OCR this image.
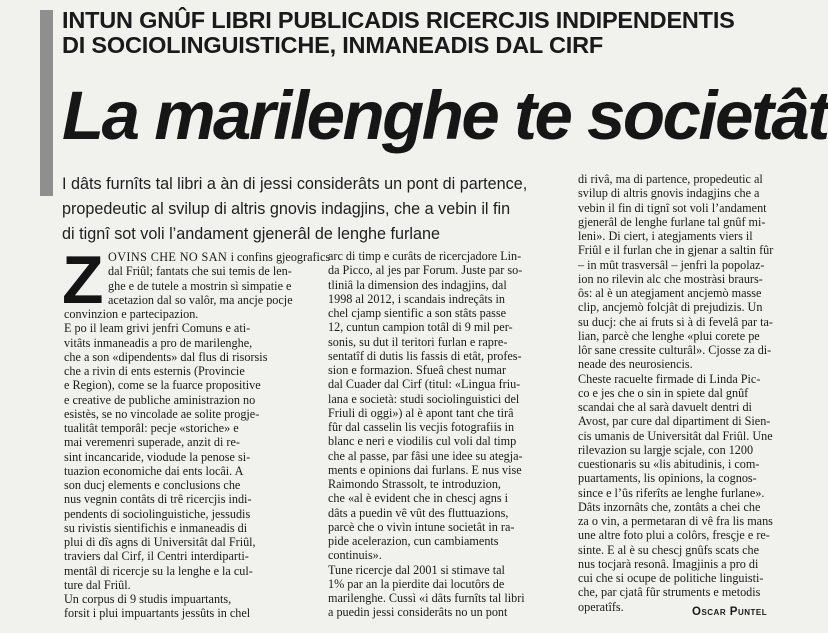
INTUN GNÛF LIBRI PUBLICADIS RICERCJIS INDIPENDENTIS
DI SOCIOLINGUISTICHE, INMANEADIS DAL CIRF
La marilenghe te societât
I dâts furnîts tal libri a àn di jessi considerâts un pont di partence,
propedeutic al svilup di altris gnovis indagjins, che a vebin il fin
di tignî sot voli l’andament gjenerâl de lenghe furlane
Z OVINS CHE NO SAN i confins gjeografics
dal Friûl; fantats che sui temis de len-
ghe e de tutele a mostrin sì simpatie e
acetazion dal so valôr, ma ancje pocje
convinzion e partecipazion.
E po il leam grivi jenfri Comuns e ati-
vitâts inmaneadis a pro de marilenghe,
che a son «dipendents» dal flus di risorsis
che a rivin di ents esternis (Provincie
e Region), come se la fuarce propositive
e creative de publiche aministrazion no
esistès, se no vincolade ae solite progje-
tualitât temporâl: pecje «storiche» e
mai veremenri superade, anzit di re-
sint incancaride, viodude la penose si-
tuazion economiche dai ents locâi. A
son ducj elements e conclusions che
nus vegnin contâts di trê ricercjis indi-
pendents di sociolinguistiche, jessudis
su rivistis sientifichis e inmaneadis di
plui di dîs agns di Universitât dal Friûl,
traviers dal Cirf, il Centri interdiparti-
mentâl di ricercje su la lenghe e la cul-
ture dal Friûl.
Un corpus di 9 studis impuartants,
forsit i plui impuartants jessûts in chel
arc di timp e curâts de ricercjadore Lin-
da Picco, al jes par Forum. Juste par so-
tliniâ la dimension des indagjins, dal
1998 al 2012, i scandais indreçâts in
chel cjamp sientific a son stâts passe
12, cuntun campion totâl di 9 mil per-
sonis, su dut il teritori furlan e rapre-
sentatîf di dutis lis fassis di etât, profes-
sion e formazion. Sfueâ chest numar
dal Cuader dal Cirf (titul: «Lingua friu-
lana e società: studi sociolinguistici del
Friuli di oggi») al è apont tant che tirâ
fûr dal casselin lis vecjis fotografiis in
blanc e neri e viodilis cul voli dal timp
che al passe, par fâsi une idee su ategja-
ments e opinions dai furlans. E nus vise
Raimondo Strassolt, te introduzion,
che «al è evident che in chescj agns i
dâts a puedin vê vût des fluttuazions,
parcè che o vivìn intune societât in ra-
pide acelerazion, cun cambiaments
continuis».
Tune ricercje dal 2001 si stimave tal
1% par an la pierdite dai locutôrs de
marilenghe. Cussì «i dâts furnîts tal libri
a puedin jessi considerâts no un pont
di rivâ, ma di partence, propedeutic al
svilup di altris gnovis indagjins che a
vebin il fin di tignî sot voli l’andament
gjenerâl de lenghe furlane tal gnûf mi-
leni». Di ciert, i ategjaments viers il
Friûl e il furlan che in gjenar a saltin fûr
– in mût trasversâl – jenfri la popolaz-
ion no rilevin alc che mostràsi braurs-
ôs: al è un ategjament ancjemò masse
clip, ancjemò folcjât di prejudizis. Un
su ducj: che ai fruts si à di fevelâ par ta-
lian, parcè che lenghe «plui corete pe
lôr sane cressite culturâl». Cjosse za di-
neade des neurosiencis.
Cheste racuelte firmade di Linda Pic-
co e jes che o sin in spiete dal gnûf
scandai che al sarà davuelt dentri di
Avost, par cure dal dipartiment di Sien-
cis umanis de Universitât dal Friûl. Une
rilevazion su largje scjale, con 1200
cuestionaris su «lis abitudinis, i com-
puartaments, lis opinions, la cognos-
since e l’ûs riferîts ae lenghe furlane».
Dâts inzornâts che, zontâts a chei che
za o vin, a permetaran di vê fra lis mans
une altre foto plui a colôrs, fresçje e re-
sinte. E al è su chescj gnûfs scats che
nus tocjarà resonâ. Imagjinis a pro di
cui che si ocupe de politiche linguisti-
che, par cjatâ fûr struments e metodis
operatîfs.	Oscar Puntel
